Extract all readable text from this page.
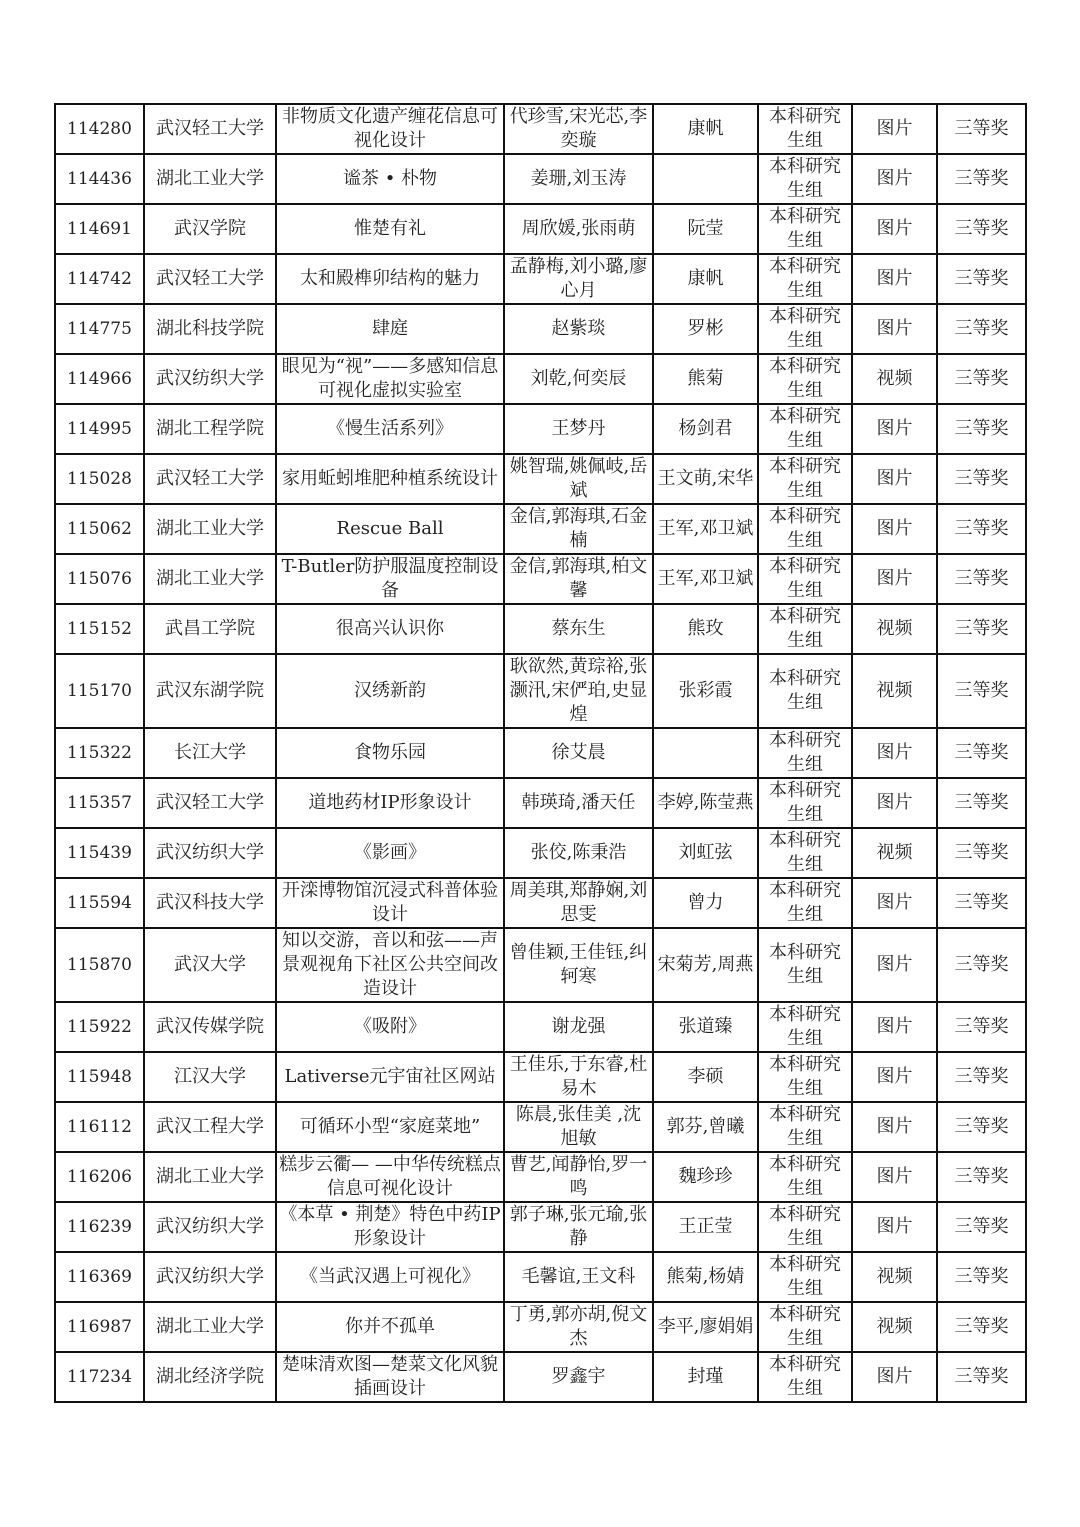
114280	武汉轻工大学	非物质文化遗产缠花信息可视化设计	代珍雪,宋光芯,李奕璇	康帆	本科研究生组	图片	三等奖
114436	湖北工业大学	谧茶 • 朴物	姜珊,刘玉涛		本科研究生组	图片	三等奖
114691	武汉学院	惟楚有礼	周欣媛,张雨萌	阮莹	本科研究生组	图片	三等奖
114742	武汉轻工大学	太和殿榫卯结构的魅力	孟静梅,刘小璐,廖心月	康帆	本科研究生组	图片	三等奖
114775	湖北科技学院	肆庭	赵紫琰	罗彬	本科研究生组	图片	三等奖
114966	武汉纺织大学	眼见为“视”——多感知信息可视化虚拟实验室	刘乾,何奕辰	熊菊	本科研究生组	视频	三等奖
114995	湖北工程学院	《慢生活系列》	王梦丹	杨剑君	本科研究生组	图片	三等奖
115028	武汉轻工大学	家用蚯蚓堆肥种植系统设计	姚智瑞,姚佩岐,岳斌	王文萌,宋华	本科研究生组	图片	三等奖
115062	湖北工业大学	Rescue Ball	金信,郭海琪,石金楠	王军,邓卫斌	本科研究生组	图片	三等奖
115076	湖北工业大学	T-Butler防护服温度控制设备	金信,郭海琪,柏文馨	王军,邓卫斌	本科研究生组	图片	三等奖
115152	武昌工学院	很高兴认识你	蔡东生	熊玫	本科研究生组	视频	三等奖
115170	武汉东湖学院	汉绣新韵	耿欲然,黄琮裕,张灏汛,宋俨珀,史显煌	张彩霞	本科研究生组	视频	三等奖
115322	长江大学	食物乐园	徐艾晨		本科研究生组	图片	三等奖
115357	武汉轻工大学	道地药材IP形象设计	韩瑛琦,潘天任	李婷,陈莹燕	本科研究生组	图片	三等奖
115439	武汉纺织大学	《影画》	张佼,陈秉浩	刘虹弦	本科研究生组	视频	三等奖
115594	武汉科技大学	开滦博物馆沉浸式科普体验设计	周美琪,郑静娴,刘思雯	曾力	本科研究生组	图片	三等奖
115870	武汉大学	知以交游，音以和弦——声景观视角下社区公共空间改造设计	曾佳颖,王佳钰,纠轲寒	宋菊芳,周燕	本科研究生组	图片	三等奖
115922	武汉传媒学院	《吸附》	谢龙强	张道臻	本科研究生组	图片	三等奖
115948	江汉大学	Lativerse元宇宙社区网站	王佳乐,于东睿,杜易木	李硕	本科研究生组	图片	三等奖
116112	武汉工程大学	可循环小型“家庭菜地”	陈晨,张佳美 ,沈旭敏	郭芬,曾曦	本科研究生组	图片	三等奖
116206	湖北工业大学	糕步云衢— —中华传统糕点信息可视化设计	曹艺,闻静怡,罗一鸣	魏珍珍	本科研究生组	图片	三等奖
116239	武汉纺织大学	《本草 • 荆楚》特色中药IP形象设计	郭子琳,张元瑜,张静	王正莹	本科研究生组	图片	三等奖
116369	武汉纺织大学	《当武汉遇上可视化》	毛馨谊,王文科	熊菊,杨婧	本科研究生组	视频	三等奖
116987	湖北工业大学	你并不孤单	丁勇,郭亦胡,倪文杰	李平,廖娟娟	本科研究生组	视频	三等奖
117234	湖北经济学院	楚味清欢图—楚菜文化风貌插画设计	罗鑫宇	封瑾	本科研究生组	图片	三等奖
